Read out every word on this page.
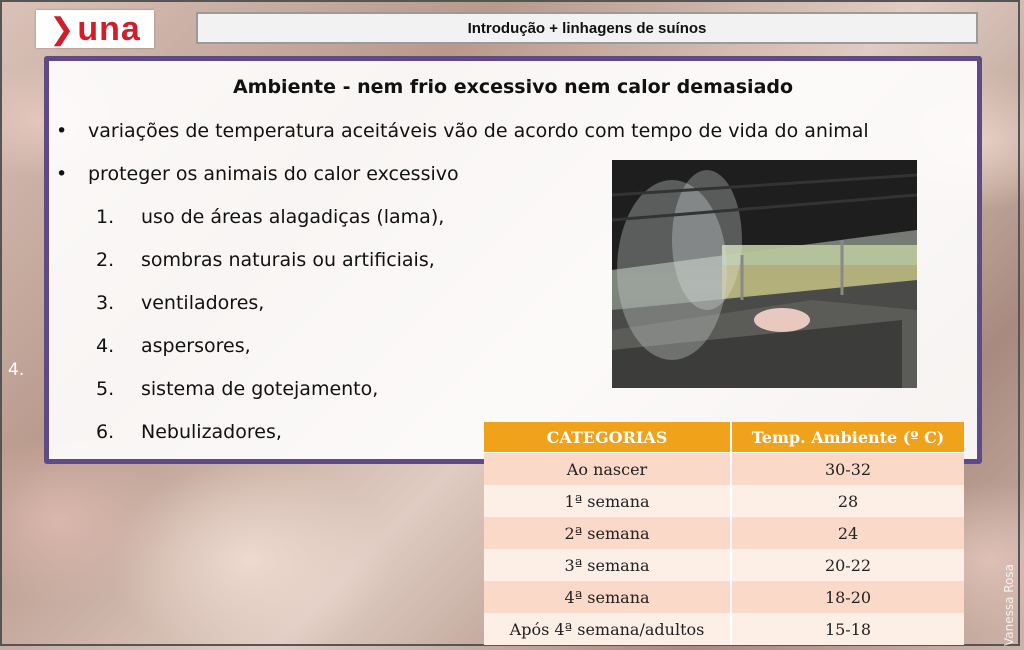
❯ una	Introdução + linhagens de suínos
Ambiente - nem frio excessivo nem calor demasiado
• variações de temperatura aceitáveis vão de acordo com tempo de vida do animal
• proteger os animais do calor excessivo
1. uso de áreas alagadiças (lama),
2. sombras naturais ou artificiais,
3. ventiladores,
4. aspersores,
5. sistema de gotejamento,
6. Nebulizadores,
4.
CATEGORIAS	Temp. Ambiente (º C)
Ao nascer	30-32
1ª semana	28
2ª semana	24
3ª semana	20-22
4ª semana	18-20
Após 4ª semana/adultos	15-18	Vanessa Rosa
